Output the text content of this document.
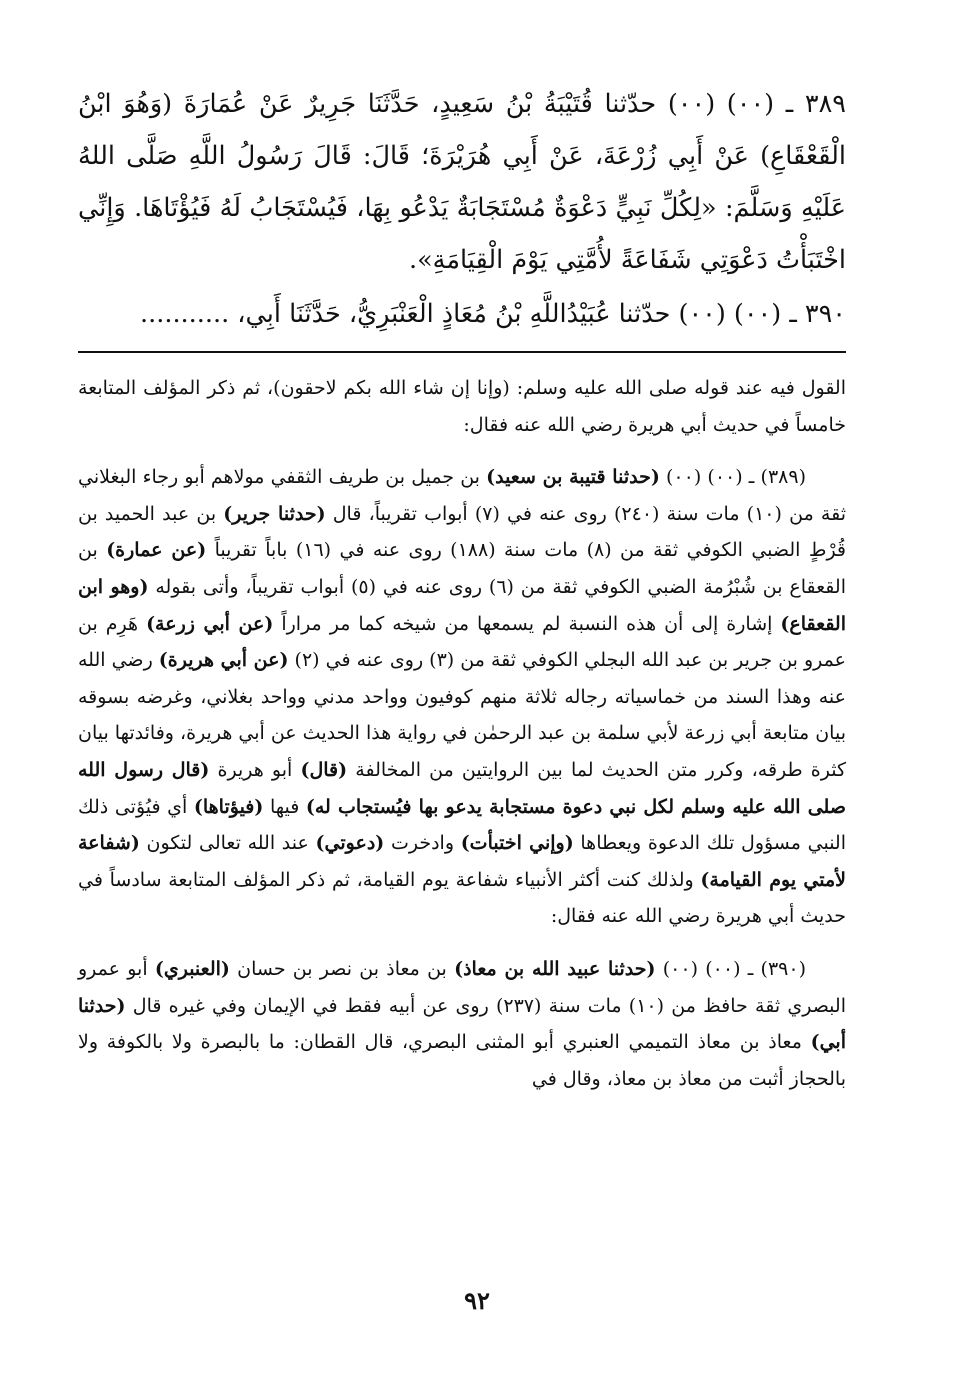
٣٨٩ ـ (٠٠) (٠٠) حدّثنا قُتَيْبَةُ بْنُ سَعِيدٍ، حَدَّثَنَا جَرِيرٌ عَنْ عُمَارَةَ (وَهُوَ ابْنُ الْقَعْقَاعِ) عَنْ أَبِي زُرْعَةَ، عَنْ أَبِي هُرَيْرَةَ؛ قَالَ: قَالَ رَسُولُ اللَّهِ صَلَّى اللهُ عَلَيْهِ وَسَلَّمَ: «لِكُلِّ نَبِيٍّ دَعْوَةٌ مُسْتَجَابَةٌ يَدْعُو بِهَا، فَيُسْتَجَابُ لَهُ فَيُؤْتَاهَا. وَإِنِّي اخْتَبَأْتُ دَعْوَتِي شَفَاعَةً لأُمَّتِي يَوْمَ الْقِيَامَةِ».

٣٩٠ ـ (٠٠) (٠٠) حدّثنا عُبَيْدُاللَّهِ بْنُ مُعَاذٍ الْعَنْبَرِيُّ، حَدَّثَنَا أَبِي، ...........

القول فيه عند قوله صلى الله عليه وسلم: (وإنا إن شاء الله بكم لاحقون)، ثم ذكر المؤلف المتابعة خامساً في حديث أبي هريرة رضي الله عنه فقال:

(٣٨٩) ـ (٠٠) (٠٠) (حدثنا قتيبة بن سعيد) بن جميل بن طريف الثقفي مولاهم أبو رجاء البغلاني ثقة من (١٠) مات سنة (٢٤٠) روى عنه في (٧) أبواب تقريباً، قال (حدثنا جرير) بن عبد الحميد بن قُرْطٍ الضبي الكوفي ثقة من (٨) مات سنة (١٨٨) روى عنه في (١٦) باباً تقريباً (عن عمارة) بن القعقاع بن شُبْرُمة الضبي الكوفي ثقة من (٦) روى عنه في (٥) أبواب تقريباً، وأتى بقوله (وهو ابن القعقاع) إشارة إلى أن هذه النسبة لم يسمعها من شيخه كما مر مراراً (عن أبي زرعة) هَرِم بن عمرو بن جرير بن عبد الله البجلي الكوفي ثقة من (٣) روى عنه في (٢) (عن أبي هريرة) رضي الله عنه وهذا السند من خماسياته رجاله ثلاثة منهم كوفيون وواحد مدني وواحد بغلاني، وغرضه بسوقه بيان متابعة أبي زرعة لأبي سلمة بن عبد الرحمٰن في رواية هذا الحديث عن أبي هريرة، وفائدتها بيان كثرة طرقه، وكرر متن الحديث لما بين الروايتين من المخالفة (قال) أبو هريرة (قال رسول الله صلى الله عليه وسلم لكل نبي دعوة مستجابة يدعو بها فيُستجاب له) فيها (فيؤتاها) أي فيُؤتى ذلك النبي مسؤول تلك الدعوة ويعطاها (وإني اختبأت) وادخرت (دعوتي) عند الله تعالى لتكون (شفاعة لأمتي يوم القيامة) ولذلك كنت أكثر الأنبياء شفاعة يوم القيامة، ثم ذكر المؤلف المتابعة سادساً في حديث أبي هريرة رضي الله عنه فقال:

(٣٩٠) ـ (٠٠) (٠٠) (حدثنا عبيد الله بن معاذ) بن معاذ بن نصر بن حسان (العنبري) أبو عمرو البصري ثقة حافظ من (١٠) مات سنة (٢٣٧) روى عن أبيه فقط في الإيمان وفي غيره قال (حدثنا أبي) معاذ بن معاذ التميمي العنبري أبو المثنى البصري، قال القطان: ما بالبصرة ولا بالكوفة ولا بالحجاز أثبت من معاذ بن معاذ، وقال في

٩٢
